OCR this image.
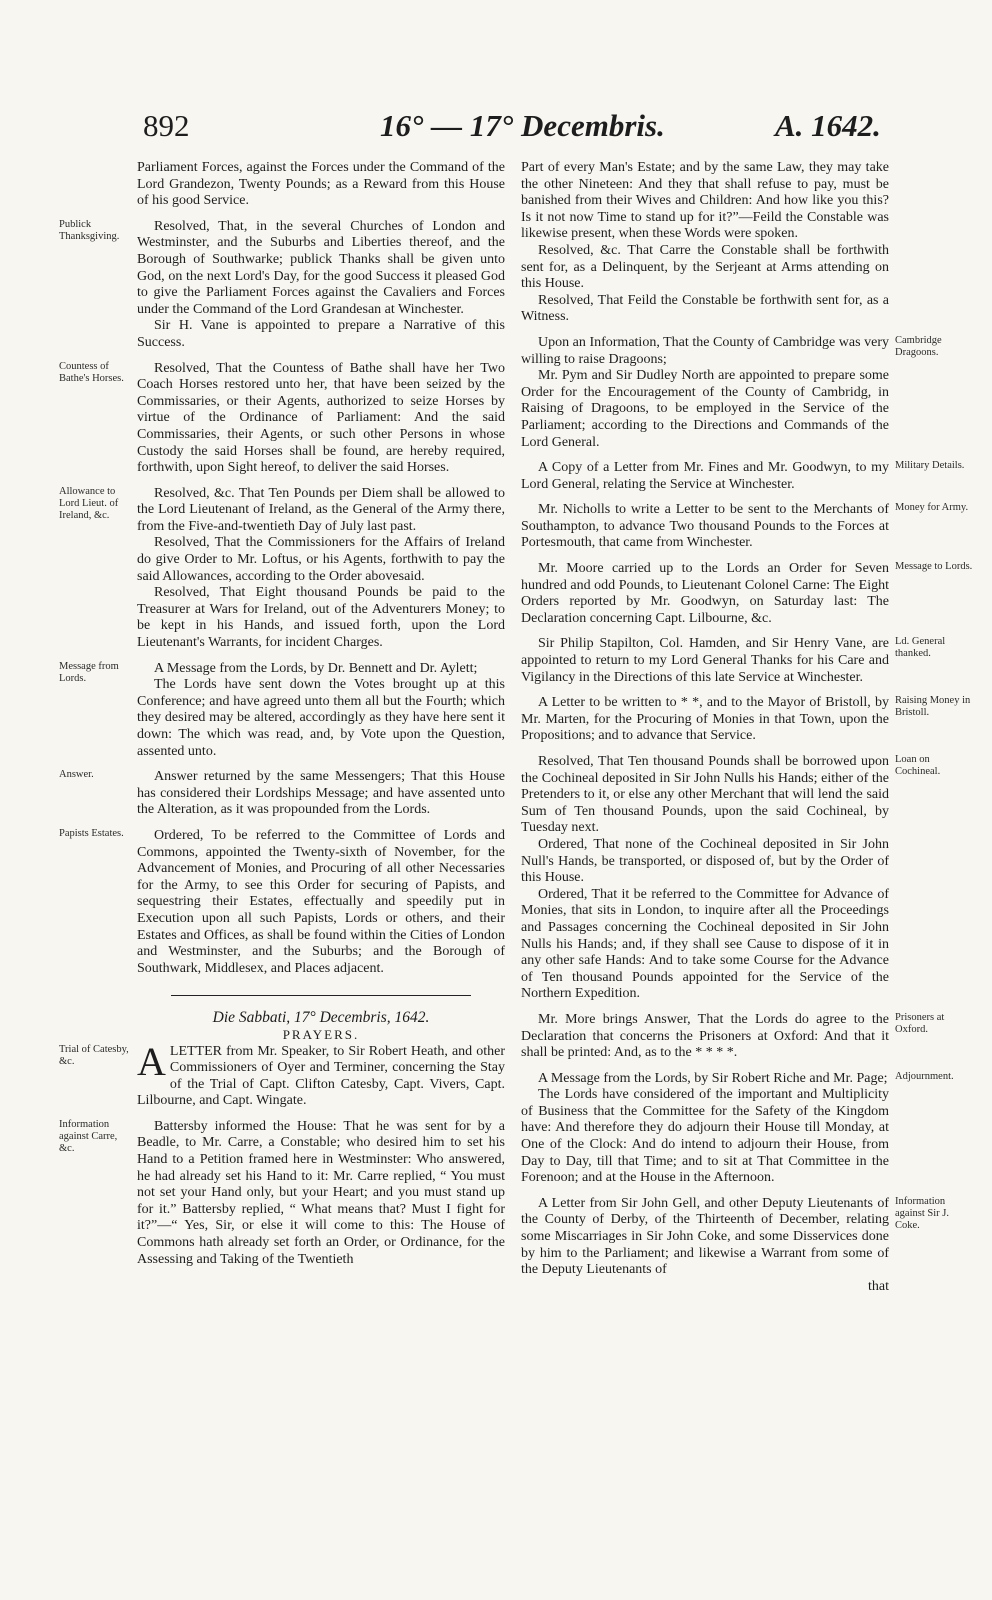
892	16° — 17° Decembris.	A. 1642.

Parliament Forces, against the Forces under the Command of the Lord Grandezon, Twenty Pounds; as a Reward from this House of his good Service.

Publick Thanksgiving.

Resolved, That, in the several Churches of London and Westminster, and the Suburbs and Liberties thereof, and the Borough of Southwarke; publick Thanks shall be given unto God, on the next Lord's Day, for the good Success it pleased God to give the Parliament Forces against the Cavaliers and Forces under the Command of the Lord Grandesan at Winchester.

Sir H. Vane is appointed to prepare a Narrative of this Success.

Countess of Bathe's Horses.

Resolved, That the Countess of Bathe shall have her Two Coach Horses restored unto her, that have been seized by the Commissaries, or their Agents, authorized to seize Horses by virtue of the Ordinance of Parliament: And the said Commissaries, their Agents, or such other Persons in whose Custody the said Horses shall be found, are hereby required, forthwith, upon Sight hereof, to deliver the said Horses.

Allowance to Lord Lieut. of Ireland, &c.

Resolved, &c. That Ten Pounds per Diem shall be allowed to the Lord Lieutenant of Ireland, as the General of the Army there, from the Five-and-twentieth Day of July last past.

Resolved, That the Commissioners for the Affairs of Ireland do give Order to Mr. Loftus, or his Agents, forthwith to pay the said Allowances, according to the Order abovesaid.

Resolved, That Eight thousand Pounds be paid to the Treasurer at Wars for Ireland, out of the Adventurers Money; to be kept in his Hands, and issued forth, upon the Lord Lieutenant's Warrants, for incident Charges.

Message from Lords.

A Message from the Lords, by Dr. Bennett and Dr. Aylett;

The Lords have sent down the Votes brought up at this Conference; and have agreed unto them all but the Fourth; which they desired may be altered, accordingly as they have here sent it down: The which was read, and, by Vote upon the Question, assented unto.

Answer.	Answer returned by the same Messengers; That this House has considered their Lordships Message; and have assented unto the Alteration, as it was propounded from the Lords.

Papists Estates.	Ordered, To be referred to the Committee of Lords and Commons, appointed the Twenty-sixth of November, for the Advancement of Monies, and Procuring of all other Necessaries for the Army, to see this Order for securing of Papists, and sequestring their Estates, effectually and speedily put in Execution upon all such Papists, Lords or others, and their Estates and Offices, as shall be found within the Cities of London and Westminster, and the Suburbs; and the Borough of Southwark, Middlesex, and Places adjacent.

Die Sabbati, 17° Decembris, 1642.

PRAYERS.

Trial of Catesby, &c.	ALETTER from Mr. Speaker, to Sir Robert Heath, and other Commissioners of Oyer and Terminer, concerning the Stay of the Trial of Capt. Clifton Catesby, Capt. Vivers, Capt. Lilbourne, and Capt. Wingate.

Information against Carre, &c.

Battersby informed the House: That he was sent for by a Beadle, to Mr. Carre, a Constable; who desired him to set his Hand to a Petition framed here in Westminster: Who answered, he had already set his Hand to it: Mr. Carre replied, “ You must not set your Hand only, but your Heart; and you must stand up for it.” Battersby replied, “ What means that? Must I fight for it?”—“ Yes, Sir, or else it will come to this: The House of Commons hath already set forth an Order, or Ordinance, for the Assessing and Taking of the Twentieth

Part of every Man's Estate; and by the same Law, they may take the other Nineteen: And they that shall refuse to pay, must be banished from their Wives and Children: And how like you this? Is it not now Time to stand up for it?”—Feild the Constable was likewise present, when these Words were spoken.

Resolved, &c. That Carre the Constable shall be forthwith sent for, as a Delinquent, by the Serjeant at Arms attending on this House.

Resolved, That Feild the Constable be forthwith sent for, as a Witness.

Cambridge Dragoons.

Upon an Information, That the County of Cambridge was very willing to raise Dragoons;

Mr. Pym and Sir Dudley North are appointed to prepare some Order for the Encouragement of the County of Cambridg, in Raising of Dragoons, to be employed in the Service of the Parliament; according to the Directions and Commands of the Lord General.

Military Details.

A Copy of a Letter from Mr. Fines and Mr. Goodwyn, to my Lord General, relating the Service at Winchester.

Money for Army.

Mr. Nicholls to write a Letter to be sent to the Merchants of Southampton, to advance Two thousand Pounds to the Forces at Portesmouth, that came from Winchester.

Message to Lords.

Mr. Moore carried up to the Lords an Order for Seven hundred and odd Pounds, to Lieutenant Colonel Carne: The Eight Orders reported by Mr. Goodwyn, on Saturday last: The Declaration concerning Capt. Lilbourne, &c.

Ld. General thanked.

Sir Philip Stapilton, Col. Hamden, and Sir Henry Vane, are appointed to return to my Lord General Thanks for his Care and Vigilancy in the Directions of this late Service at Winchester.

Raising Money in Bristoll.

A Letter to be written to * *, and to the Mayor of Bristoll, by Mr. Marten, for the Procuring of Monies in that Town, upon the Propositions; and to advance that Service.

Loan on Cochineal.

Resolved, That Ten thousand Pounds shall be borrowed upon the Cochineal deposited in Sir John Nulls his Hands; either of the Pretenders to it, or else any other Merchant that will lend the said Sum of Ten thousand Pounds, upon the said Cochineal, by Tuesday next.

Ordered, That none of the Cochineal deposited in Sir John Null's Hands, be transported, or disposed of, but by the Order of this House.

Ordered, That it be referred to the Committee for Advance of Monies, that sits in London, to inquire after all the Proceedings and Passages concerning the Cochineal deposited in Sir John Nulls his Hands; and, if they shall see Cause to dispose of it in any other safe Hands: And to take some Course for the Advance of Ten thousand Pounds appointed for the Service of the Northern Expedition.

Prisoners at Oxford.

Mr. More brings Answer, That the Lords do agree to the Declaration that concerns the Prisoners at Oxford: And that it shall be printed: And, as to the * * * *.

Adjournment.

A Message from the Lords, by Sir Robert Riche and Mr. Page;

The Lords have considered of the important and Multiplicity of Business that the Committee for the Safety of the Kingdom have: And therefore they do adjourn their House till Monday, at One of the Clock: And do intend to adjourn their House, from Day to Day, till that Time; and to sit at That Committee in the Forenoon; and at the House in the Afternoon.

Information against Sir J. Coke.

A Letter from Sir John Gell, and other Deputy Lieutenants of the County of Derby, of the Thirteenth of December, relating some Miscarriages in Sir John Coke, and some Disservices done by him to the Parliament; and likewise a Warrant from some of the Deputy Lieutenants of

that
